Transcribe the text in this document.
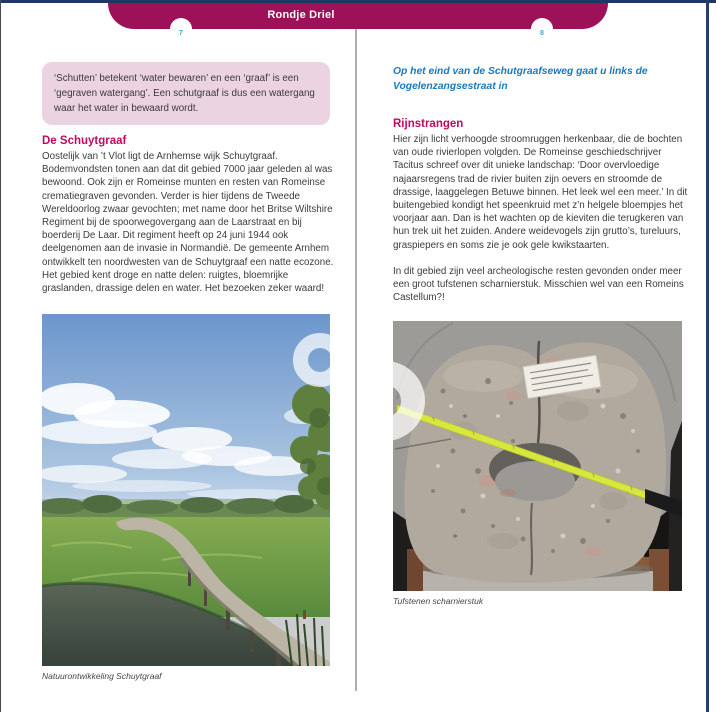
Rondje Driel
7	8

‘Schutten’ betekent ‘water bewaren’ en een ‘graaf’ is een ‘gegraven watergang’. Een schutgraaf is dus een watergang waar het water in bewaard wordt.

De Schuytgraaf

Oostelijk van ’t Vlot ligt de Arnhemse wijk Schuytgraaf. Bodemvondsten tonen aan dat dit gebied 7000 jaar geleden al was bewoond. Ook zijn er Romeinse munten en resten van Romeinse crematiegraven gevonden. Verder is hier tijdens de Tweede Wereldoorlog zwaar gevochten; met name door het Britse Wiltshire Regiment bij de spoorwegovergang aan de Laarstraat en bij boerderij De Laar. Dit regiment heeft op 24 juni 1944 ook deelgenomen aan de invasie in Normandië. De gemeente Arnhem ontwikkelt ten noordwesten van de Schuytgraaf een natte ecozone. Het gebied kent droge en natte delen: ruigtes, bloemrijke graslanden, drassige delen en water. Het bezoeken zeker waard!

Natuurontwikkeling Schuytgraaf

Op het eind van de Schutgraafseweg gaat u links de Vogelenzangsestraat in

Rijnstrangen

Hier zijn licht verhoogde stroomruggen herkenbaar, die de bochten van oude rivierlopen volgden. De Romeinse geschiedschrijver Tacitus schreef over dit unieke landschap: ‘Door overvloedige najaarsregens trad de rivier buiten zijn oevers en stroomde de drassige, laaggelegen Betuwe binnen. Het leek wel een meer.’ In dit buitengebied kondigt het speenkruid met z’n helgele bloempjes het voorjaar aan. Dan is het wachten op de kieviten die terugkeren van hun trek uit het zuiden. Andere weidevogels zijn grutto’s, tureluurs, graspiepers en soms zie je ook gele kwikstaarten.

In dit gebied zijn veel archeologische resten gevonden onder meer een groot tufstenen scharnierstuk. Misschien wel van een Romeins Castellum?!

Tufstenen scharnierstuk
